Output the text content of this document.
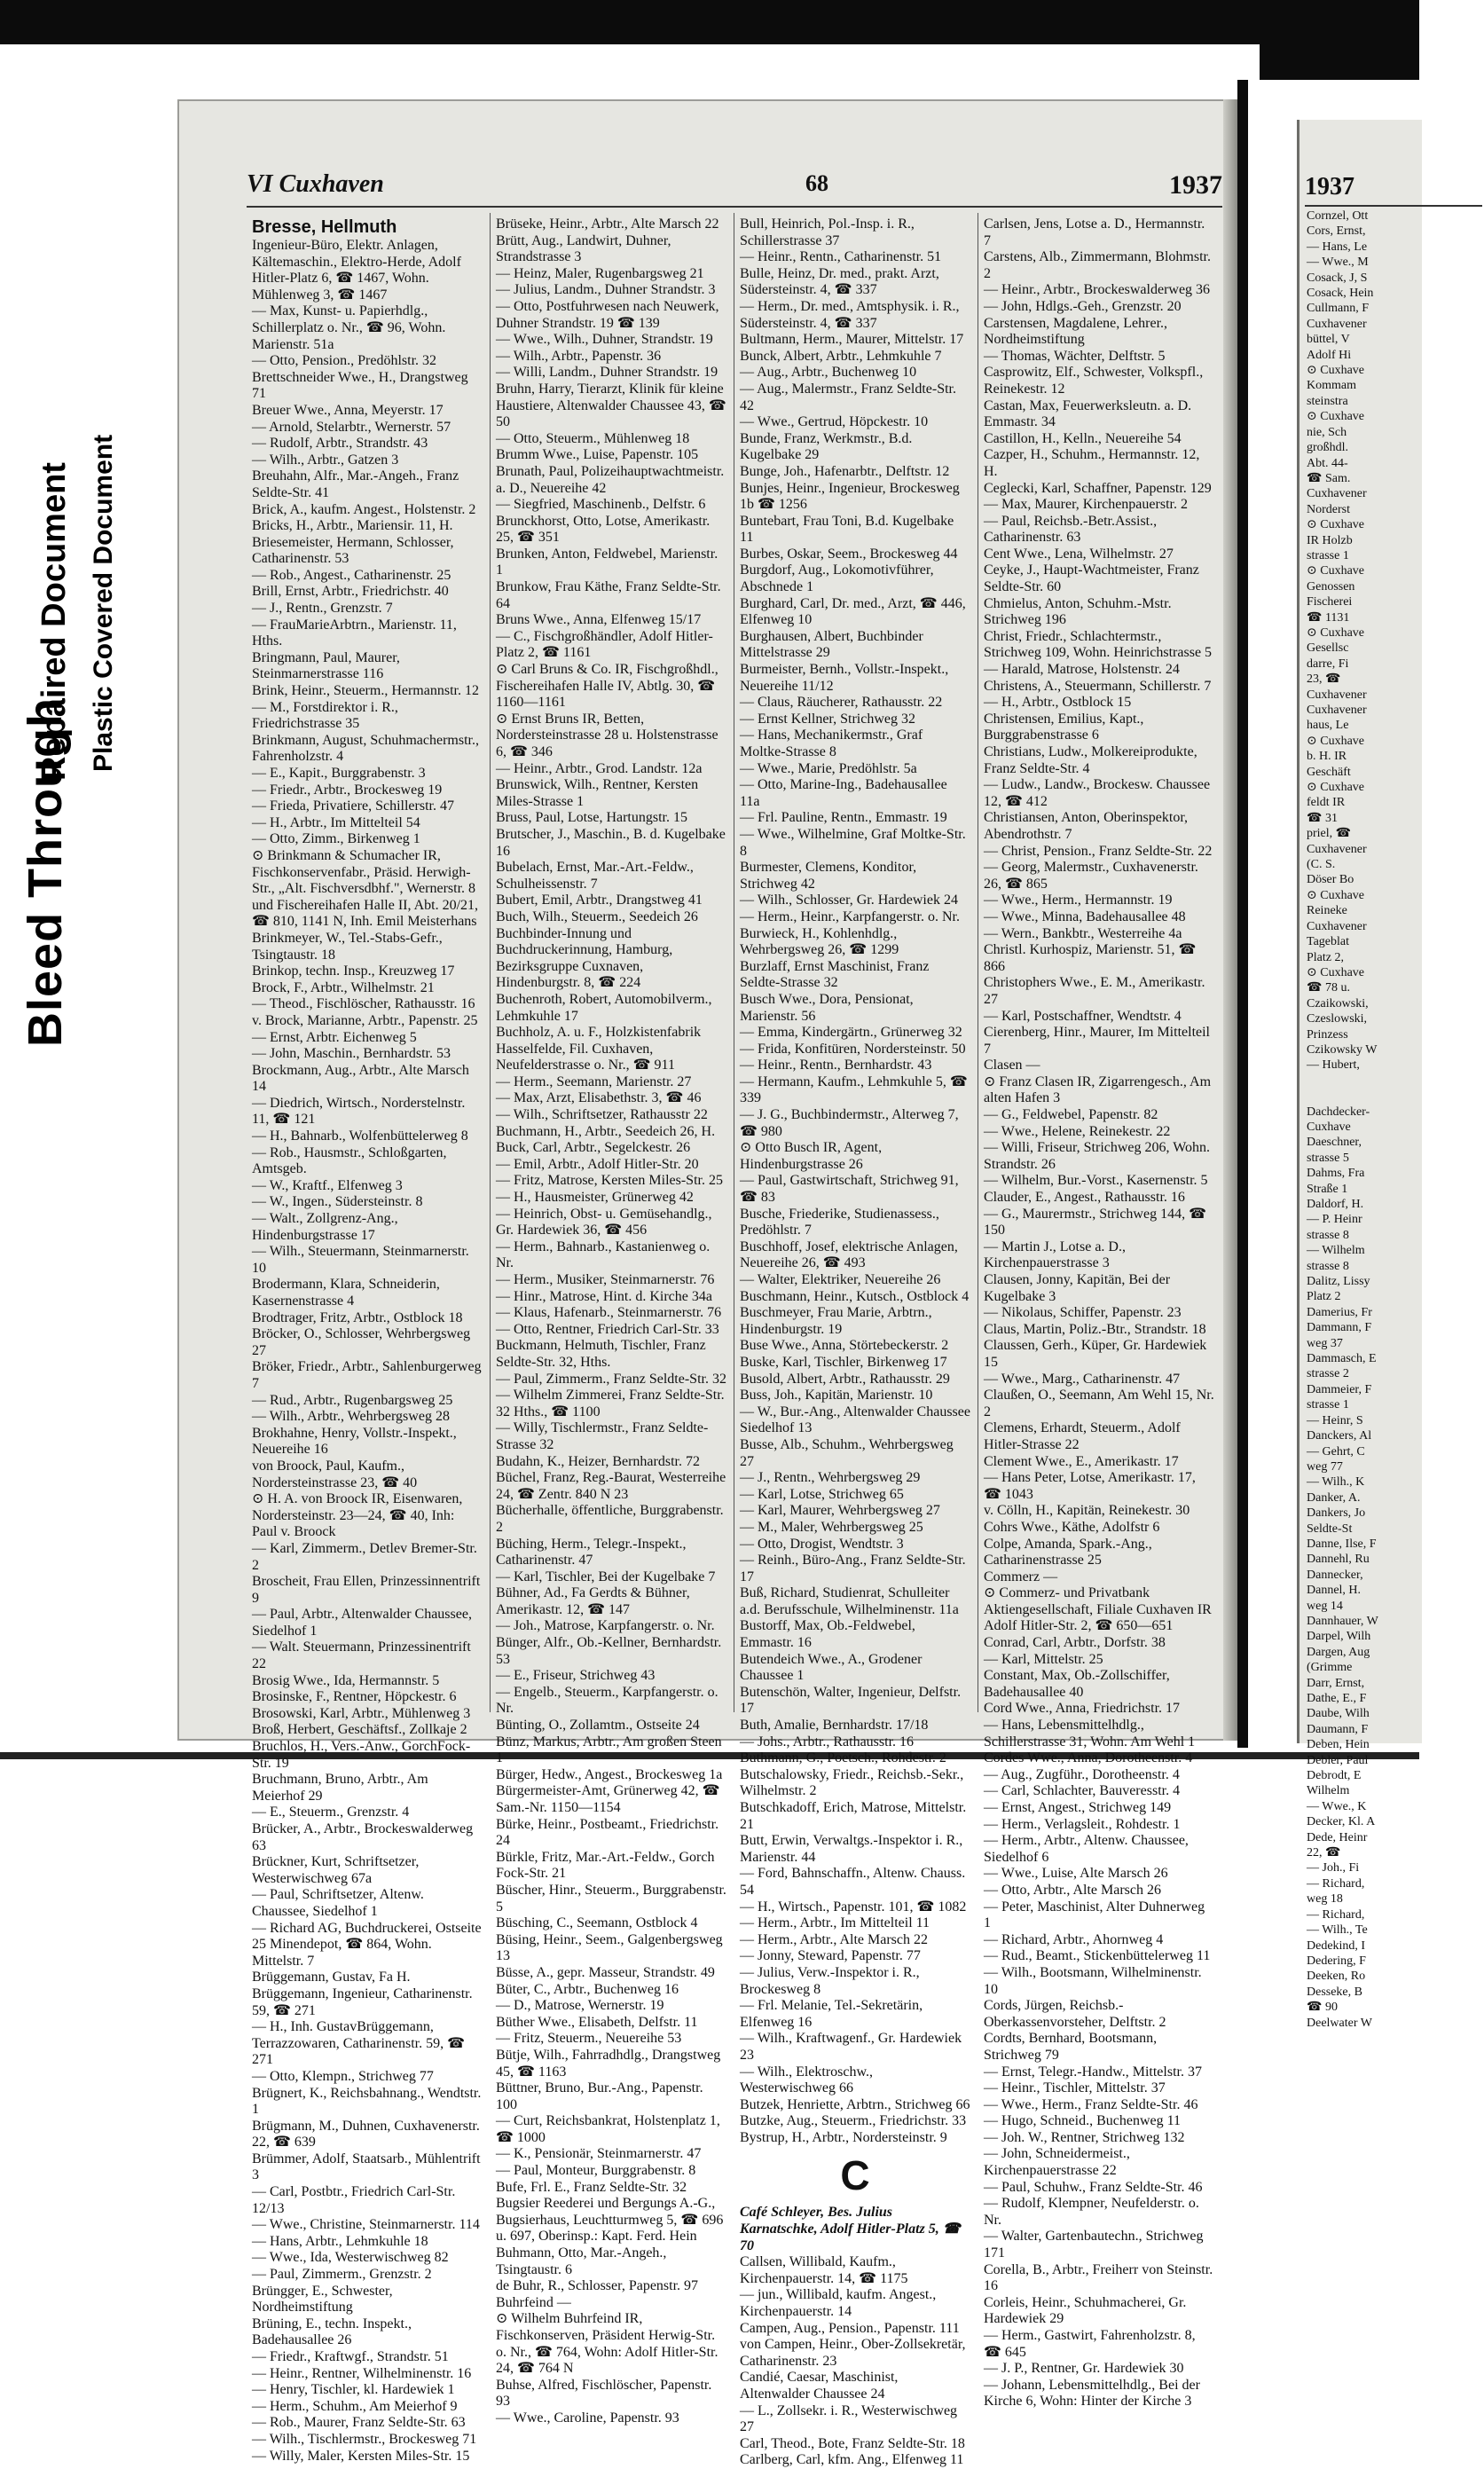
Bleed Through
Repaired Document Plastic Covered Document
VI Cuxhaven	68	1937

Bresse, Hellmuth

Ingenieur-Büro, Elektr. Anlagen, Kältemaschin., Elektro-Herde, Adolf Hitler-Platz 6, ☎ 1467, Wohn. Mühlenweg 3, ☎ 1467

— Max, Kunst- u. Papierhdlg., Schillerplatz o. Nr., ☎ 96, Wohn. Marienstr. 51a

— Otto, Pension., Predöhlstr. 32

Brettschneider Wwe., H., Drangstweg 71

Breuer Wwe., Anna, Meyerstr. 17

— Arnold, Stelarbtr., Wernerstr. 57

— Rudolf, Arbtr., Strandstr. 43

— Wilh., Arbtr., Gatzen 3

Breuhahn, Alfr., Mar.-Angeh., Franz Seldte-Str. 41

Brick, A., kaufm. Angest., Holstenstr. 2

Bricks, H., Arbtr., Mariensir. 11, H.

Briesemeister, Hermann, Schlosser, Catharinenstr. 53

— Rob., Angest., Catharinenstr. 25

Brill, Ernst, Arbtr., Friedrichstr. 40

— J., Rentn., Grenzstr. 7

— FrauMarieArbtrn., Marienstr. 11, Hths.

Bringmann, Paul, Maurer, Steinmarnerstrasse 116

Brink, Heinr., Steuerm., Hermannstr. 12

— M., Forstdirektor i. R., Friedrichstrasse 35

Brinkmann, August, Schuhmachermstr., Fahrenholzstr. 4

— E., Kapit., Burggrabenstr. 3

— Friedr., Arbtr., Brockesweg 19

— Frieda, Privatiere, Schillerstr. 47

— H., Arbtr., Im Mittelteil 54

— Otto, Zimm., Birkenweg 1

⊙ Brinkmann & Schumacher IR, Fischkonservenfabr., Präsid. Herwigh-Str., „Alt. Fischversdbhf.", Wernerstr. 8 und Fischereihafen Halle II, Abt. 20/21, ☎ 810, 1141 N, Inh. Emil Meisterhans

Brinkmeyer, W., Tel.-Stabs-Gefr., Tsingtaustr. 18

Brinkop, techn. Insp., Kreuzweg 17

Brock, F., Arbtr., Wilhelmstr. 21

— Theod., Fischlöscher, Rathausstr. 16

v. Brock, Marianne, Arbtr., Papenstr. 25

— Ernst, Arbtr. Eichenweg 5

— John, Maschin., Bernhardstr. 53

Brockmann, Aug., Arbtr., Alte Marsch 14

— Diedrich, Wirtsch., Norderstelnstr. 11, ☎ 121

— H., Bahnarb., Wolfenbüttelerweg 8

— Rob., Hausmstr., Schloßgarten, Amtsgeb.

— W., Kraftf., Elfenweg 3

— W., Ingen., Südersteinstr. 8

— Walt., Zollgrenz-Ang., Hindenburgstrasse 17

— Wilh., Steuermann, Steinmarnerstr. 10

Brodermann, Klara, Schneiderin, Kasernenstrasse 4

Brodtrager, Fritz, Arbtr., Ostblock 18

Bröcker, O., Schlosser, Wehrbergsweg 27

Bröker, Friedr., Arbtr., Sahlenburgerweg 7

— Rud., Arbtr., Rugenbargsweg 25

— Wilh., Arbtr., Wehrbergsweg 28

Brokhahne, Henry, Vollstr.-Inspekt., Neuereihe 16

von Broock, Paul, Kaufm., Nordersteinstrasse 23, ☎ 40

⊙ H. A. von Broock IR, Eisenwaren, Nordersteinstr. 23—24, ☎ 40, Inh: Paul v. Broock

— Karl, Zimmerm., Detlev Bremer-Str. 2

Broscheit, Frau Ellen, Prinzessinnentrift 9

— Paul, Arbtr., Altenwalder Chaussee, Siedelhof 1

— Walt. Steuermann, Prinzessinentrift 22

Brosig Wwe., Ida, Hermannstr. 5

Brosinske, F., Rentner, Höpckestr. 6

Brosowski, Karl, Arbtr., Mühlenweg 3

Broß, Herbert, Geschäftsf., Zollkaje 2

Bruchlos, H., Vers.-Anw., GorchFock-Str. 19

Bruchmann, Bruno, Arbtr., Am Meierhof 29

— E., Steuerm., Grenzstr. 4

Brücker, A., Arbtr., Brockeswalderweg 63

Brückner, Kurt, Schriftsetzer, Westerwischweg 67a

— Paul, Schriftsetzer, Altenw. Chaussee, Siedelhof 1

— Richard AG, Buchdruckerei, Ostseite 25 Minendepot, ☎ 864, Wohn. Mittelstr. 7

Brüggemann, Gustav, Fa H. Brüggemann, Ingenieur, Catharinenstr. 59, ☎ 271

— H., Inh. GustavBrüggemann, Terrazzowaren, Catharinenstr. 59, ☎ 271

— Otto, Klempn., Strichweg 77

Brügnert, K., Reichsbahnang., Wendtstr. 1

Brügmann, M., Duhnen, Cuxhavenerstr. 22, ☎ 639

Brümmer, Adolf, Staatsarb., Mühlentrift 3

— Carl, Postbtr., Friedrich Carl-Str. 12/13

— Wwe., Christine, Steinmarnerstr. 114

— Hans, Arbtr., Lehmkuhle 18

— Wwe., Ida, Westerwischweg 82

— Paul, Zimmerm., Grenzstr. 2

Brüngger, E., Schwester, Nordheimstiftung

Brüning, E., techn. Inspekt., Badehausallee 26

— Friedr., Kraftwgf., Strandstr. 51

— Heinr., Rentner, Wilhelminenstr. 16

— Henry, Tischler, kl. Hardewiek 1

— Herm., Schuhm., Am Meierhof 9

— Rob., Maurer, Franz Seldte-Str. 63

— Wilh., Tischlermstr., Brockesweg 71

— Willy, Maler, Kersten Miles-Str. 15

Brüseke, Heinr., Arbtr., Alte Marsch 22

Brütt, Aug., Landwirt, Duhner, Strandstrasse 3

— Heinz, Maler, Rugenbargsweg 21

— Julius, Landm., Duhner Strandstr. 3

— Otto, Postfuhrwesen nach Neuwerk, Duhner Strandstr. 19 ☎ 139

— Wwe., Wilh., Duhner, Strandstr. 19

— Wilh., Arbtr., Papenstr. 36

— Willi, Landm., Duhner Strandstr. 19

Bruhn, Harry, Tierarzt, Klinik für kleine Haustiere, Altenwalder Chaussee 43, ☎ 50

— Otto, Steuerm., Mühlenweg 18

Brumm Wwe., Luise, Papenstr. 105

Brunath, Paul, Polizeihauptwachtmeistr. a. D., Neuereihe 42

— Siegfried, Maschinenb., Delfstr. 6

Brunckhorst, Otto, Lotse, Amerikastr. 25, ☎ 351

Brunken, Anton, Feldwebel, Marienstr. 1

Brunkow, Frau Käthe, Franz Seldte-Str. 64

Bruns Wwe., Anna, Elfenweg 15/17

— C., Fischgroßhändler, Adolf Hitler-Platz 2, ☎ 1161

⊙ Carl Bruns & Co. IR, Fischgroßhdl., Fischereihafen Halle IV, Abtlg. 30, ☎ 1160—1161

⊙ Ernst Bruns IR, Betten, Nordersteinstrasse 28 u. Holstenstrasse 6, ☎ 346

— Heinr., Arbtr., Grod. Landstr. 12a

Brunswick, Wilh., Rentner, Kersten Miles-Strasse 1

Bruss, Paul, Lotse, Hartungstr. 15

Brutscher, J., Maschin., B. d. Kugelbake 16

Bubelach, Ernst, Mar.-Art.-Feldw., Schulheissenstr. 7

Bubert, Emil, Arbtr., Drangstweg 41

Buch, Wilh., Steuerm., Seedeich 26

Buchbinder-Innung und Buchdruckerinnung, Hamburg, Bezirksgruppe Cuxnaven, Hindenburgstr. 8, ☎ 224

Buchenroth, Robert, Automobilverm., Lehmkuhle 17

Buchholz, A. u. F., Holzkistenfabrik Hasselfelde, Fil. Cuxhaven, Neufelderstrasse o. Nr., ☎ 911

— Herm., Seemann, Marienstr. 27

— Max, Arzt, Elisabethstr. 3, ☎ 46

— Wilh., Schriftsetzer, Rathausstr 22

Buchmann, H., Arbtr., Seedeich 26, H.

Buck, Carl, Arbtr., Segelckestr. 26

— Emil, Arbtr., Adolf Hitler-Str. 20

— Fritz, Matrose, Kersten Miles-Str. 25

— H., Hausmeister, Grünerweg 42

— Heinrich, Obst- u. Gemüsehandlg., Gr. Hardewiek 36, ☎ 456

— Herm., Bahnarb., Kastanienweg o. Nr.

— Herm., Musiker, Steinmarnerstr. 76

— Hinr., Matrose, Hint. d. Kirche 34a

— Klaus, Hafenarb., Steinmarnerstr. 76

— Otto, Rentner, Friedrich Carl-Str. 33

Buckmann, Helmuth, Tischler, Franz Seldte-Str. 32, Hths.

— Paul, Zimmerm., Franz Seldte-Str. 32

— Wilhelm Zimmerei, Franz Seldte-Str. 32 Hths., ☎ 1100

— Willy, Tischlermstr., Franz Seldte-Strasse 32

Budahn, K., Heizer, Bernhardstr. 72

Büchel, Franz, Reg.-Baurat, Westerreihe 24, ☎ Zentr. 840 N 23

Bücherhalle, öffentliche, Burggrabenstr. 2

Büching, Herm., Telegr.-Inspekt., Catharinenstr. 47

— Karl, Tischler, Bei der Kugelbake 7

Bühner, Ad., Fa Gerdts & Bühner, Amerikastr. 12, ☎ 147

— Joh., Matrose, Karpfangerstr. o. Nr.

Bünger, Alfr., Ob.-Kellner, Bernhardstr. 53

— E., Friseur, Strichweg 43

— Engelb., Steuerm., Karpfangerstr. o. Nr.

Bünting, O., Zollamtm., Ostseite 24

Bünz, Markus, Arbtr., Am großen Steen 1

Bürger, Hedw., Angest., Brockesweg 1a

Bürgermeister-Amt, Grünerweg 42, ☎ Sam.-Nr. 1150—1154

Bürke, Heinr., Postbeamt., Friedrichstr. 24

Bürkle, Fritz, Mar.-Art.-Feldw., Gorch Fock-Str. 21

Büscher, Hinr., Steuerm., Burggrabenstr. 5

Büsching, C., Seemann, Ostblock 4

Büsing, Heinr., Seem., Galgenbergsweg 13

Büsse, A., gepr. Masseur, Strandstr. 49

Büter, C., Arbtr., Buchenweg 16

— D., Matrose, Wernerstr. 19

Büther Wwe., Elisabeth, Delfstr. 11

— Fritz, Steuerm., Neuereihe 53

Bütje, Wilh., Fahrradhdlg., Drangstweg 45, ☎ 1163

Büttner, Bruno, Bur.-Ang., Papenstr. 100

— Curt, Reichsbankrat, Holstenplatz 1, ☎ 1000

— K., Pensionär, Steinmarnerstr. 47

— Paul, Monteur, Burggrabenstr. 8

Bufe, Frl. E., Franz Seldte-Str. 32

Bugsier Reederei und Bergungs A.-G., Bugsierhaus, Leuchtturmweg 5, ☎ 696 u. 697, Oberinsp.: Kapt. Ferd. Hein

Buhmann, Otto, Mar.-Angeh., Tsingtaustr. 6

de Buhr, R., Schlosser, Papenstr. 97

Buhrfeind —

⊙ Wilhelm Buhrfeind IR, Fischkonserven, Präsident Herwig-Str. o. Nr., ☎ 764, Wohn: Adolf Hitler-Str. 24, ☎ 764 N

Buhse, Alfred, Fischlöscher, Papenstr. 93

— Wwe., Caroline, Papenstr. 93

Bull, Heinrich, Pol.-Insp. i. R., Schillerstrasse 37

— Heinr., Rentn., Catharinenstr. 51

Bulle, Heinz, Dr. med., prakt. Arzt, Südersteinstr. 4, ☎ 337

— Herm., Dr. med., Amtsphysik. i. R., Südersteinstr. 4, ☎ 337

Bultmann, Herm., Maurer, Mittelstr. 17

Bunck, Albert, Arbtr., Lehmkuhle 7

— Aug., Arbtr., Buchenweg 10

— Aug., Malermstr., Franz Seldte-Str. 42

— Wwe., Gertrud, Höpckestr. 10

Bunde, Franz, Werkmstr., B.d. Kugelbake 29

Bunge, Joh., Hafenarbtr., Delftstr. 12

Bunjes, Heinr., Ingenieur, Brockesweg 1b ☎ 1256

Buntebart, Frau Toni, B.d. Kugelbake 11

Burbes, Oskar, Seem., Brockesweg 44

Burgdorf, Aug., Lokomotivführer, Abschnede 1

Burghard, Carl, Dr. med., Arzt, ☎ 446, Elfenweg 10

Burghausen, Albert, Buchbinder Mittelstrasse 29

Burmeister, Bernh., Vollstr.-Inspekt., Neuereihe 11/12

— Claus, Räucherer, Rathausstr. 22

— Ernst Kellner, Strichweg 32

— Hans, Mechanikermstr., Graf Moltke-Strasse 8

— Wwe., Marie, Predöhlstr. 5a

— Otto, Marine-Ing., Badehausallee 11a

— Frl. Pauline, Rentn., Emmastr. 19

— Wwe., Wilhelmine, Graf Moltke-Str. 8

Burmester, Clemens, Konditor, Strichweg 42

— Wilh., Schlosser, Gr. Hardewiek 24

— Herm., Heinr., Karpfangerstr. o. Nr.

Burwieck, H., Kohlenhdlg., Wehrbergsweg 26, ☎ 1299

Burzlaff, Ernst Maschinist, Franz Seldte-Strasse 32

Busch Wwe., Dora, Pensionat, Marienstr. 56

— Emma, Kindergärtn., Grünerweg 32

— Frida, Konfitüren, Nordersteinstr. 50

— Heinr., Rentn., Bernhardstr. 43

— Hermann, Kaufm., Lehmkuhle 5, ☎ 339

— J. G., Buchbindermstr., Alterweg 7, ☎ 980

⊙ Otto Busch IR, Agent, Hindenburgstrasse 26

— Paul, Gastwirtschaft, Strichweg 91, ☎ 83

Busche, Friederike, Studienassess., Predöhlstr. 7

Buschhoff, Josef, elektrische Anlagen, Neuereihe 26, ☎ 493

— Walter, Elektriker, Neuereihe 26

Buschmann, Heinr., Kutsch., Ostblock 4

Buschmeyer, Frau Marie, Arbtrn., Hindenburgstr. 19

Buse Wwe., Anna, Störtebeckerstr. 2

Buske, Karl, Tischler, Birkenweg 17

Busold, Albert, Arbtr., Rathausstr. 29

Buss, Joh., Kapitän, Marienstr. 10

— W., Bur.-Ang., Altenwalder Chaussee Siedelhof 13

Busse, Alb., Schuhm., Wehrbergsweg 27

— J., Rentn., Wehrbergsweg 29

— Karl, Lotse, Strichweg 65

— Karl, Maurer, Wehrbergsweg 27

— M., Maler, Wehrbergsweg 25

— Otto, Drogist, Wendtstr. 3

— Reinh., Büro-Ang., Franz Seldte-Str. 17

Buß, Richard, Studienrat, Schulleiter a.d. Berufsschule, Wilhelminenstr. 11a

Bustorff, Max, Ob.-Feldwebel, Emmastr. 16

Butendeich Wwe., A., Grodener Chaussee 1

Butenschön, Walter, Ingenieur, Delfstr. 17

Buth, Amalie, Bernhardstr. 17/18

— Johs., Arbtr., Rathausstr. 16

Buthmann, G., Poetsch., Rohdestr. 2

Butschalowsky, Friedr., Reichsb.-Sekr., Wilhelmstr. 2

Butschkadoff, Erich, Matrose, Mittelstr. 21

Butt, Erwin, Verwaltgs.-Inspektor i. R., Marienstr. 44

— Ford, Bahnschaffn., Altenw. Chauss. 54

— H., Wirtsch., Papenstr. 101, ☎ 1082

— Herm., Arbtr., Im Mittelteil 11

— Herm., Arbtr., Alte Marsch 22

— Jonny, Steward, Papenstr. 77

— Julius, Verw.-Inspektor i. R., Brockesweg 8

— Frl. Melanie, Tel.-Sekretärin, Elfenweg 16

— Wilh., Kraftwagenf., Gr. Hardewiek 23

— Wilh., Elektroschw., Westerwischweg 66

Butzek, Henriette, Arbtrn., Strichweg 66

Butzke, Aug., Steuerm., Friedrichstr. 33

Bystrup, H., Arbtr., Nordersteinstr. 9

C

Café Schleyer, Bes. Julius Karnatschke, Adolf Hitler-Platz 5, ☎ 70

Callsen, Willibald, Kaufm., Kirchenpauerstr. 14, ☎ 1175

— jun., Willibald, kaufm. Angest., Kirchenpauerstr. 14

Campen, Aug., Pension., Papenstr. 111

von Campen, Heinr., Ober-Zollsekretär, Catharinenstr. 23

Candié, Caesar, Maschinist, Altenwalder Chaussee 24

— L., Zollsekr. i. R., Westerwischweg 27

Carl, Theod., Bote, Franz Seldte-Str. 18

Carlberg, Carl, kfm. Ang., Elfenweg 11

Carlsen, Jens, Lotse a. D., Hermannstr. 7

Carstens, Alb., Zimmermann, Blohmstr. 2

— Heinr., Arbtr., Brockeswalderweg 36

— John, Hdlgs.-Geh., Grenzstr. 20

Carstensen, Magdalene, Lehrer., Nordheimstiftung

— Thomas, Wächter, Delftstr. 5

Casprowitz, Elf., Schwester, Volkspfl., Reinekestr. 12

Castan, Max, Feuerwerksleutn. a. D. Emmastr. 34

Castillon, H., Kelln., Neuereihe 54

Cazper, H., Schuhm., Hermannstr. 12, H.

Ceglecki, Karl, Schaffner, Papenstr. 129

— Max, Maurer, Kirchenpauerstr. 2

— Paul, Reichsb.-Betr.Assist., Catharinenstr. 63

Cent Wwe., Lena, Wilhelmstr. 27

Ceyke, J., Haupt-Wachtmeister, Franz Seldte-Str. 60

Chmielus, Anton, Schuhm.-Mstr. Strichweg 196

Christ, Friedr., Schlachtermstr., Strichweg 109, Wohn. Heinrichstrasse 5

— Harald, Matrose, Holstenstr. 24

Christens, A., Steuermann, Schillerstr. 7

— H., Arbtr., Ostblock 15

Christensen, Emilius, Kapt., Burggrabenstrasse 6

Christians, Ludw., Molkereiprodukte, Franz Seldte-Str. 4

— Ludw., Landw., Brockesw. Chaussee 12, ☎ 412

Christiansen, Anton, Oberinspektor, Abendrothstr. 7

— Christ, Pension., Franz Seldte-Str. 22

— Georg, Malermstr., Cuxhavenerstr. 26, ☎ 865

— Wwe., Herm., Hermannstr. 19

— Wwe., Minna, Badehausallee 48

— Wern., Bankbtr., Westerreihe 4a

Christl. Kurhospiz, Marienstr. 51, ☎ 866

Christophers Wwe., E. M., Amerikastr. 27

— Karl, Postschaffner, Wendtstr. 4

Cierenberg, Hinr., Maurer, Im Mittelteil 7

Clasen —

⊙ Franz Clasen IR, Zigarrengesch., Am alten Hafen 3

— G., Feldwebel, Papenstr. 82

— Wwe., Helene, Reinekestr. 22

— Willi, Friseur, Strichweg 206, Wohn. Strandstr. 26

— Wilhelm, Bur.-Vorst., Kasernenstr. 5

Clauder, E., Angest., Rathausstr. 16

— G., Maurermstr., Strichweg 144, ☎ 150

— Martin J., Lotse a. D., Kirchenpauerstrasse 3

Clausen, Jonny, Kapitän, Bei der Kugelbake 3

— Nikolaus, Schiffer, Papenstr. 23

Claus, Martin, Poliz.-Btr., Strandstr. 18

Claussen, Gerh., Küper, Gr. Hardewiek 15

— Wwe., Marg., Catharinenstr. 47

Claußen, O., Seemann, Am Wehl 15, Nr. 2

Clemens, Erhardt, Steuerm., Adolf Hitler-Strasse 22

Clement Wwe., E., Amerikastr. 17

— Hans Peter, Lotse, Amerikastr. 17, ☎ 1043

v. Cölln, H., Kapitän, Reinekestr. 30

Cohrs Wwe., Käthe, Adolfstr 6

Colpe, Amanda, Spark.-Ang., Catharinenstrasse 25

Commerz —

⊙ Commerz- und Privatbank Aktiengesellschaft, Filiale Cuxhaven IR Adolf Hitler-Str. 2, ☎ 650—651

Conrad, Carl, Arbtr., Dorfstr. 38

— Karl, Mittelstr. 25

Constant, Max, Ob.-Zollschiffer, Badehausallee 40

Cord Wwe., Anna, Friedrichstr. 17

— Hans, Lebensmittelhdlg., Schillerstrasse 31, Wohn. Am Wehl 1

Cordes Wwe., Anna, Dorotheenstr. 4

— Aug., Zugführ., Dorotheenstr. 4

— Carl, Schlachter, Bauveresstr. 4

— Ernst, Angest., Strichweg 149

— Herm., Verlagsleit., Rohdestr. 1

— Herm., Arbtr., Altenw. Chaussee, Siedelhof 6

— Wwe., Luise, Alte Marsch 26

— Otto, Arbtr., Alte Marsch 26

— Peter, Maschinist, Alter Duhnerweg 1

— Richard, Arbtr., Ahornweg 4

— Rud., Beamt., Stickenbüttelerweg 11

— Wilh., Bootsmann, Wilhelminenstr. 10

Cords, Jürgen, Reichsb.-Oberkassenvorsteher, Delftstr. 2

Cordts, Bernhard, Bootsmann, Strichweg 79

— Ernst, Telegr.-Handw., Mittelstr. 37

— Heinr., Tischler, Mittelstr. 37

— Wwe., Herm., Franz Seldte-Str. 46

— Hugo, Schneid., Buchenweg 11

— Joh. W., Rentner, Strichweg 132

— John, Schneidermeist., Kirchenpauerstrasse 22

— Paul, Schuhw., Franz Seldte-Str. 46

— Rudolf, Klempner, Neufelderstr. o. Nr.

— Walter, Gartenbautechn., Strichweg 171

Corella, B., Arbtr., Freiherr von Steinstr. 16

Corleis, Heinr., Schuhmacherei, Gr. Hardewiek 29

— Herm., Gastwirt, Fahrenholzstr. 8, ☎ 645

— J. P., Rentner, Gr. Hardewiek 30

— Johann, Lebensmittelhdlg., Bei der Kirche 6, Wohn: Hinter der Kirche 3

1937

Cornzel, Ott

Cors, Ernst,

— Hans, Le

— Wwe., M

Cosack, J, S

Cosack, Hein

Cullmann, F

Cuxhavener

büttel, V

Adolf Hi

⊙ Cuxhave

Kommam

steinstra

⊙ Cuxhave

nie, Sch

großhdl.

Abt. 44-

☎ Sam.

Cuxhavener

Norderst

⊙ Cuxhave

IR Holzb

strasse 1

⊙ Cuxhave

Genossen

Fischerei

☎ 1131

⊙ Cuxhave

Gesellsc

darre, Fi

23, ☎

Cuxhavener

Cuxhavener

haus, Le

⊙ Cuxhave

b. H. IR

Geschäft

⊙ Cuxhave

feldt IR

☎ 31

priel, ☎

Cuxhavener

(C. S.

Döser Bo

⊙ Cuxhave

Reineke

Cuxhavener

Tageblat

Platz 2,

⊙ Cuxhave

☎ 78 u.

Czaikowski,

Czeslowski,

Prinzess

Czikowsky W

— Hubert,

Dachdecker-

Cuxhave

Daeschner,

strasse 5

Dahms, Fra

Straße 1

Daldorf, H.

— P. Heinr

strasse 8

— Wilhelm

strasse 8

Dalitz, Lissy

Platz 2

Damerius, Fr

Dammann, F

weg 37

Dammasch, E

strasse 2

Dammeier, F

strasse 1

— Heinr, S

Danckers, Al

— Gehrt, C

weg 77

— Wilh., K

Danker, A.

Dankers, Jo

Seldte-St

Danne, Ilse, F

Dannehl, Ru

Dannecker,

Dannel, H.

weg 14

Dannhauer, W

Darpel, Wilh

Dargen, Aug

(Grimme

Darr, Ernst,

Dathe, E., F

Daube, Wilh

Daumann, F

Deben, Hein

Debler, Paul

Debrodt, E

Wilhelm

— Wwe., K

Decker, Kl. A

Dede, Heinr

22, ☎

— Joh., Fi

— Richard,

weg 18

— Richard,

— Wilh., Te

Dedekind, I

Dedering, F

Deeken, Ro

Desseke, B

☎ 90

Deelwater W
